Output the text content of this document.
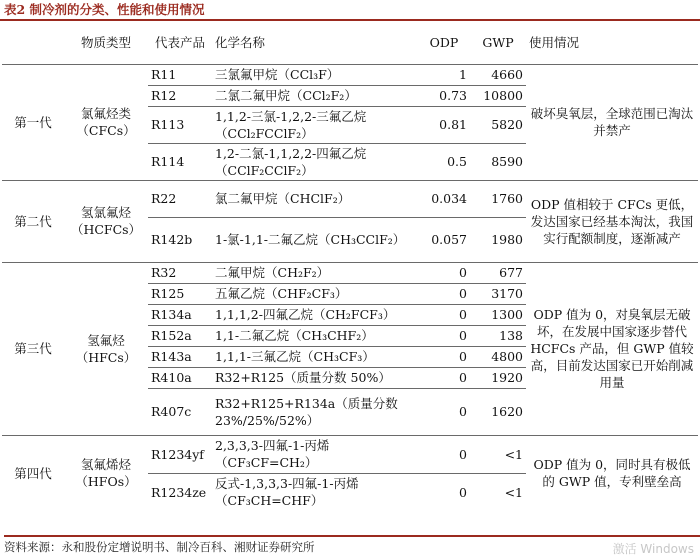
表2 制冷剂的分类、性能和使用情况
	物质类型	代表产品	化学名称	ODP	GWP	使用情况
第一代	氯氟烃类（CFCs）	R11	三氯氟甲烷（CCl₃F）	1	4660	破坏臭氧层，全球范围已淘汰并禁产
		R12	二氯二氟甲烷（CCl₂F₂）	0.73	10800	
		R113	1,1,2-三氯-1,2,2-三氟乙烷（CCl₂FCClF₂）	0.81	5820	
		R114	1,2-二氯-1,1,2,2-四氟乙烷（CClF₂CClF₂）	0.5	8590	
第二代	氢氯氟烃（HCFCs）	R22	氯二氟甲烷（CHClF₂）	0.034	1760	ODP 值相较于 CFCs 更低，发达国家已经基本淘汰，我国实行配额制度，逐渐减产
		R142b	1-氯-1,1-二氟乙烷（CH₃CClF₂）	0.057	1980	
第三代	氢氟烃（HFCs）	R32	二氟甲烷（CH₂F₂）	0	677	ODP 值为 0，对臭氧层无破坏，在发展中国家逐步替代 HCFCs 产品，但 GWP 值较高，目前发达国家已开始削减用量
		R125	五氟乙烷（CHF₂CF₃）	0	3170	
		R134a	1,1,1,2-四氟乙烷（CH₂FCF₃）	0	1300	
		R152a	1,1-二氟乙烷（CH₃CHF₂）	0	138	
		R143a	1,1,1-三氟乙烷（CH₃CF₃）	0	4800	
		R410a	R32+R125（质量分数 50%）	0	1920	
		R407c	R32+R125+R134a（质量分数 23%/25%/52%）	0	1620	
第四代	氢氟烯烃（HFOs）	R1234yf	2,3,3,3-四氟-1-丙烯（CF₃CF=CH₂）	0	<1	ODP 值为 0，同时具有极低的 GWP 值，专利壁垒高
		R1234ze	反式-1,3,3,3-四氟-1-丙烯（CF₃CH=CHF）	0	<1	
资料来源：永和股份定增说明书、制冷百科、湘财证券研究所	激活 Windows
